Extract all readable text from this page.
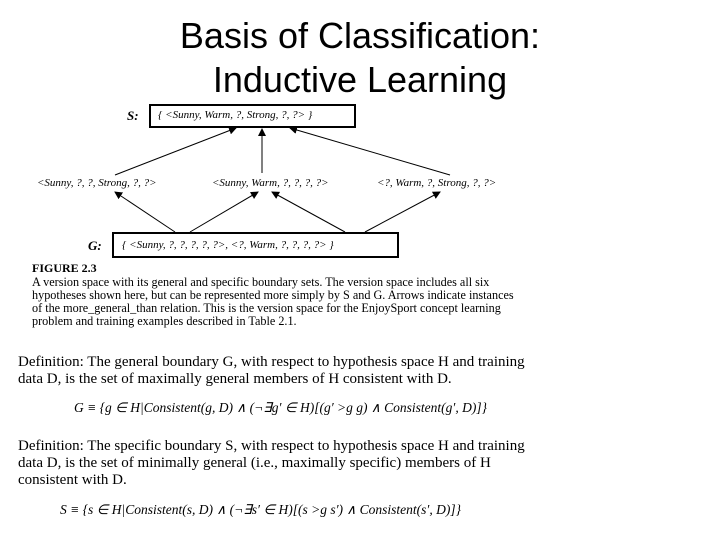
Basis of Classification:
Inductive Learning
S: { <Sunny, Warm, ?, Strong, ?, ?> }
<Sunny, ?, ?, Strong, ?, ?>	<Sunny, Warm, ?, ?, ?, ?>	<?, Warm, ?, Strong, ?, ?>
G: { <Sunny, ?, ?, ?, ?, ?>, <?, Warm, ?, ?, ?, ?> }
FIGURE 2.3
A version space with its general and specific boundary sets. The version space includes all six
hypotheses shown here, but can be represented more simply by S and G. Arrows indicate instances
of the more_general_than relation. This is the version space for the EnjoySport concept learning
problem and training examples described in Table 2.1.
Definition: The general boundary G, with respect to hypothesis space H and training
data D, is the set of maximally general members of H consistent with D.
G ≡ {g ∈ H|Consistent(g, D) ∧ (¬∃g′ ∈ H)[(g′ >g g) ∧ Consistent(g′, D)]}
Definition: The specific boundary S, with respect to hypothesis space H and training
data D, is the set of minimally general (i.e., maximally specific) members of H
consistent with D.
S ≡ {s ∈ H|Consistent(s, D) ∧ (¬∃s′ ∈ H)[(s >g s′) ∧ Consistent(s′, D)]}
